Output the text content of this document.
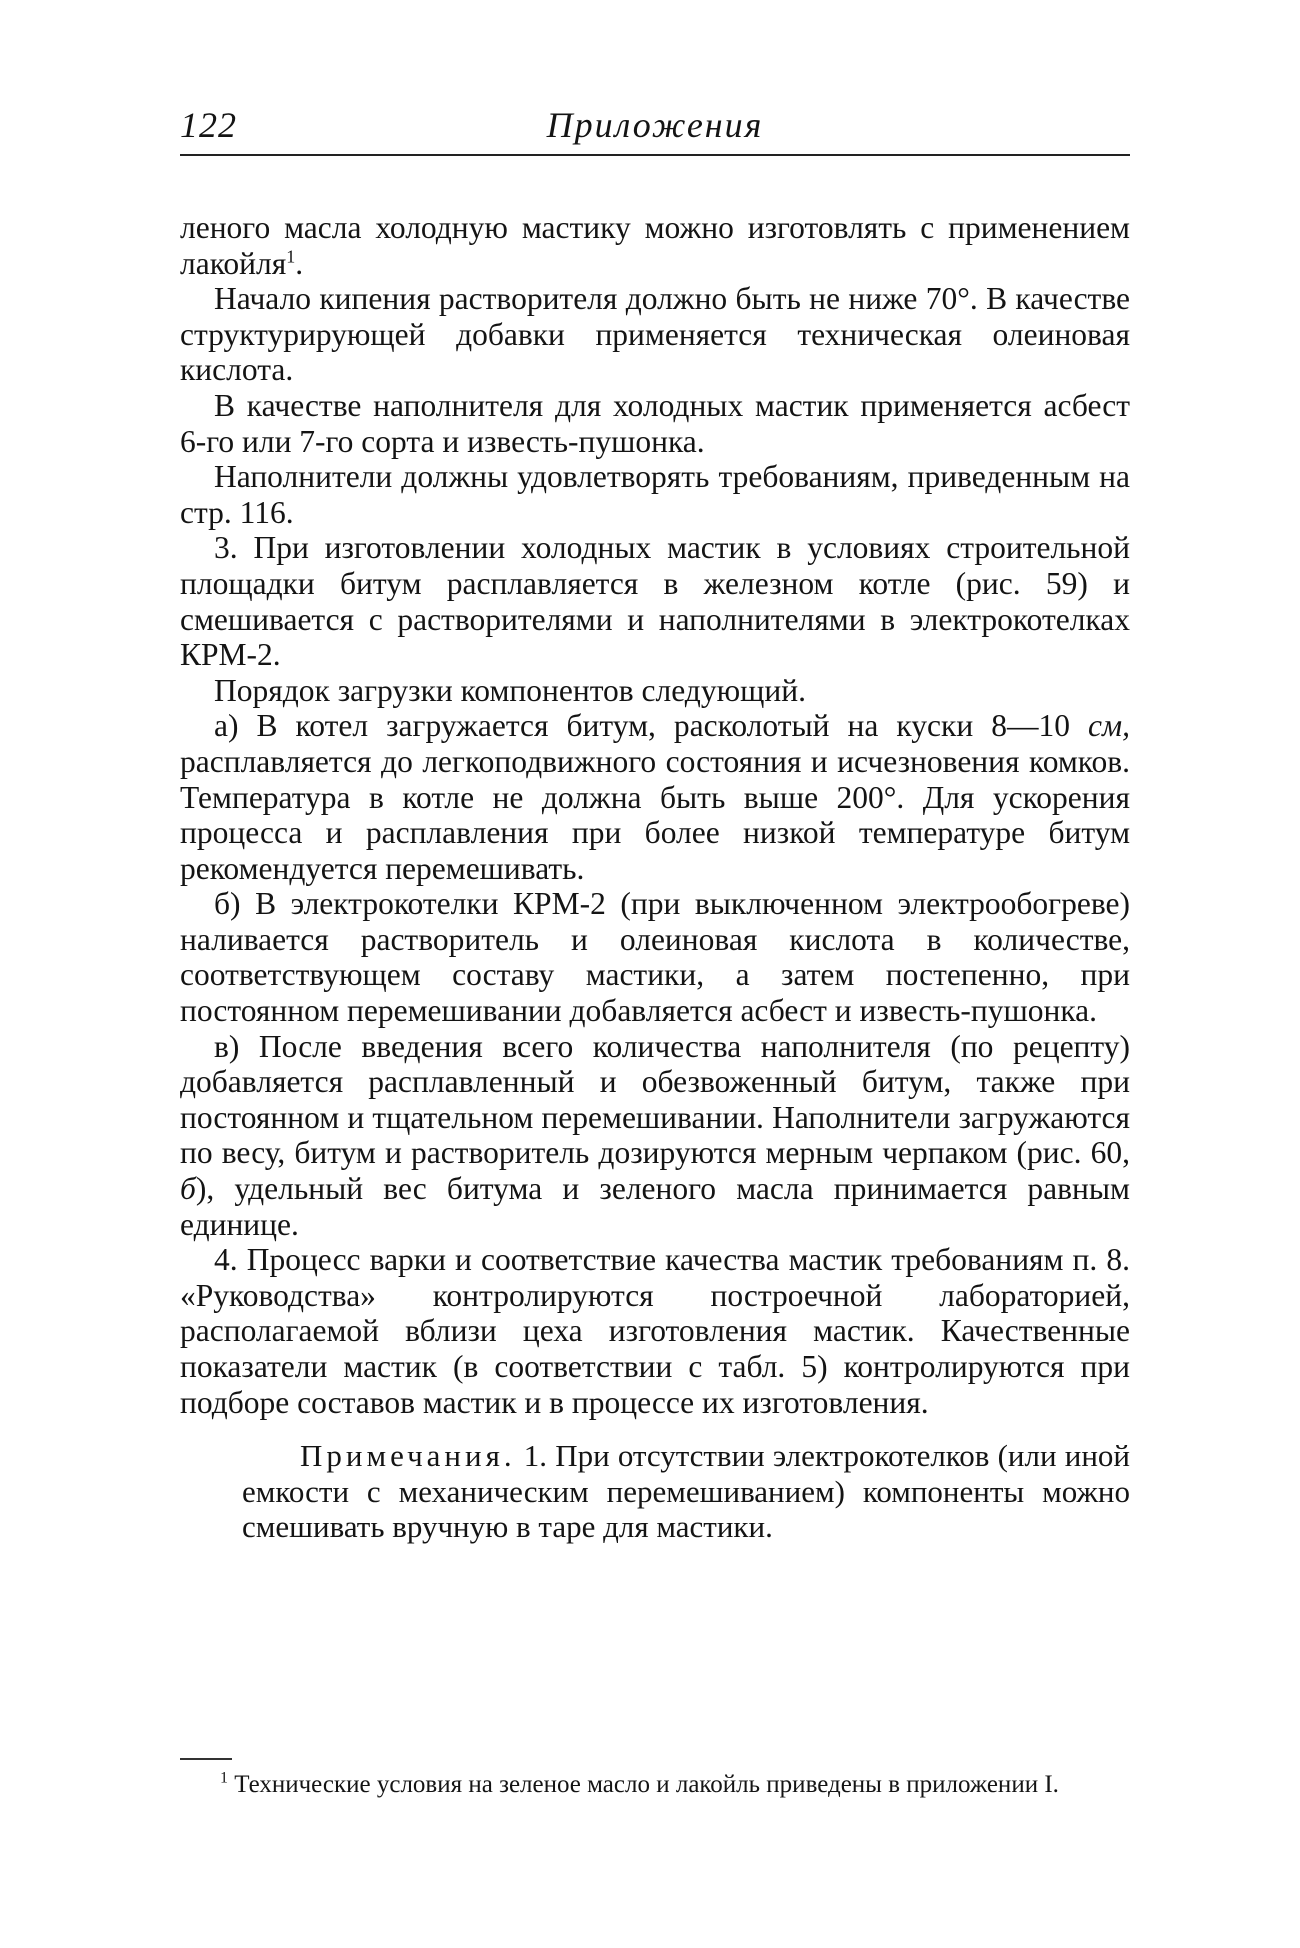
122	Приложения

леного масла холодную мастику можно изготовлять с применением лакойля$^1$.

Начало кипения растворителя должно быть не ниже 70°. В качестве структурирующей добавки применяется техническая олеиновая кислота.

В качестве наполнителя для холодных мастик применяется асбест 6-го или 7-го сорта и известь-пушонка.

Наполнители должны удовлетворять требованиям, приведенным на стр. 116.

3. При изготовлении холодных мастик в условиях строительной площадки битум расплавляется в железном котле (рис. 59) и смешивается с растворителями и наполнителями в электрокотелках КРМ-2.

Порядок загрузки компонентов следующий.

а) В котел загружается битум, расколотый на куски 8—10 см, расплавляется до легкоподвижного состояния и исчезновения комков. Температура в котле не должна быть выше 200°. Для ускорения процесса и расплавления при более низкой температуре битум рекомендуется перемешивать.

б) В электрокотелки КРМ-2 (при выключенном электрообогреве) наливается растворитель и олеиновая кислота в количестве, соответствующем составу мастики, а затем постепенно, при постоянном перемешивании добавляется асбест и известь-пушонка.

в) После введения всего количества наполнителя (по рецепту) добавляется расплавленный и обезвоженный битум, также при постоянном и тщательном перемешивании. Наполнители загружаются по весу, битум и растворитель дозируются мерным черпаком (рис. 60, б), удельный вес битума и зеленого масла принимается равным единице.

4. Процесс варки и соответствие качества мастик требованиям п. 8. «Руководства» контролируются построечной лабораторией, располагаемой вблизи цеха изготовления мастик. Качественные показатели мастик (в соответствии с табл. 5) контролируются при подборе составов мастик и в процессе их изготовления.

Примечания. 1. При отсутствии электрокотелков (или иной емкости с механическим перемешиванием) компоненты можно смешивать вручную в таре для мастики.

$^1$ Технические условия на зеленое масло и лакойль приведены в приложении I.
